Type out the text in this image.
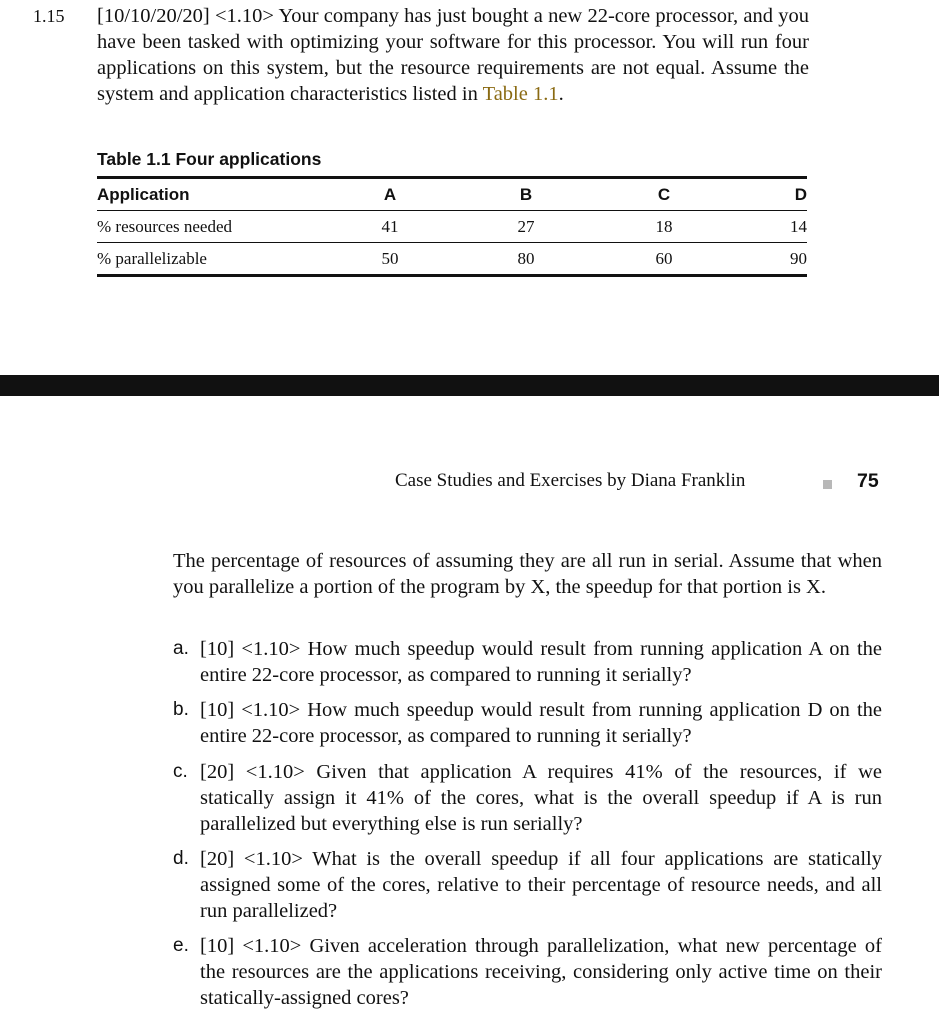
1.15 [10/10/20/20] <1.10> Your company has just bought a new 22-core processor, and you have been tasked with optimizing your software for this processor. You will run four applications on this system, but the resource requirements are not equal. Assume the system and application characteristics listed in Table 1.1.
Table 1.1 Four applications
Application	A	B	C	D
% resources needed	41	27	18	14
% parallelizable	50	80	60	90
Case Studies and Exercises by Diana Franklin	75
The percentage of resources of assuming they are all run in serial. Assume that when you parallelize a portion of the program by X, the speedup for that portion is X.
a. [10] <1.10> How much speedup would result from running application A on the entire 22-core processor, as compared to running it serially?
b. [10] <1.10> How much speedup would result from running application D on the entire 22-core processor, as compared to running it serially?
c. [20] <1.10> Given that application A requires 41% of the resources, if we statically assign it 41% of the cores, what is the overall speedup if A is run parallelized but everything else is run serially?
d. [20] <1.10> What is the overall speedup if all four applications are statically assigned some of the cores, relative to their percentage of resource needs, and all run parallelized?
e. [10] <1.10> Given acceleration through parallelization, what new percentage of the resources are the applications receiving, considering only active time on their statically-assigned cores?
